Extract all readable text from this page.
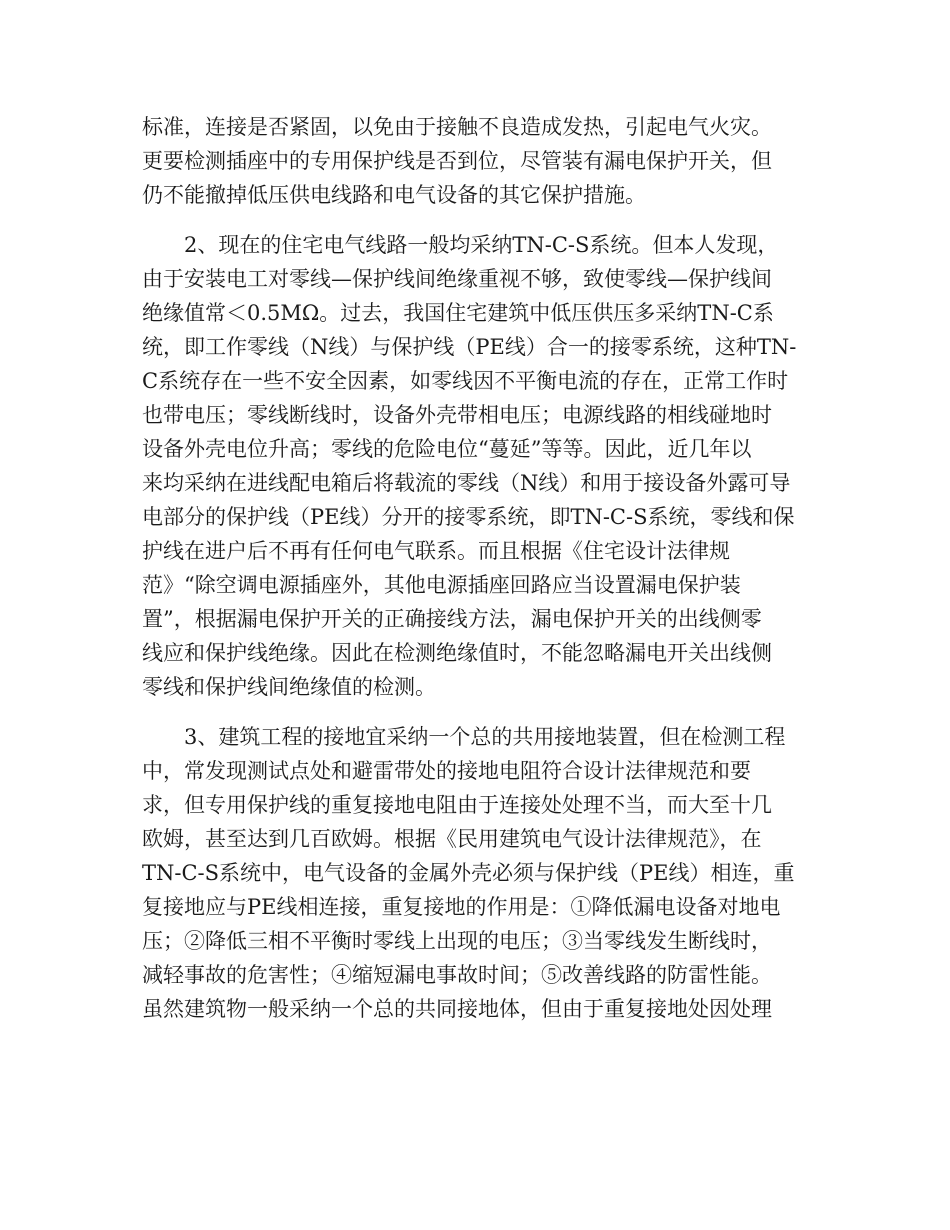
标准，连接是否紧固，以免由于接触不良造成发热，引起电气火灾。
更要检测插座中的专用保护线是否到位，尽管装有漏电保护开关，但
仍不能撤掉低压供电线路和电气设备的其它保护措施。
2、现在的住宅电气线路一般均采纳TN-C-S系统。但本人发现，
由于安装电工对零线—保护线间绝缘重视不够，致使零线—保护线间
绝缘值常＜0.5MΩ。过去，我国住宅建筑中低压供压多采纳TN-C系
统，即工作零线（N线）与保护线（PE线）合一的接零系统，这种TN-
C系统存在一些不安全因素，如零线因不平衡电流的存在，正常工作时
也带电压；零线断线时，设备外壳带相电压；电源线路的相线碰地时
设备外壳电位升高；零线的危险电位“蔓延”等等。因此，近几年以
来均采纳在进线配电箱后将载流的零线（N线）和用于接设备外露可导
电部分的保护线（PE线）分开的接零系统，即TN-C-S系统，零线和保
护线在进户后不再有任何电气联系。而且根据《住宅设计法律规
范》“除空调电源插座外，其他电源插座回路应当设置漏电保护装
置”，根据漏电保护开关的正确接线方法，漏电保护开关的出线侧零
线应和保护线绝缘。因此在检测绝缘值时，不能忽略漏电开关出线侧
零线和保护线间绝缘值的检测。
3、建筑工程的接地宜采纳一个总的共用接地装置，但在检测工程
中，常发现测试点处和避雷带处的接地电阻符合设计法律规范和要
求，但专用保护线的重复接地电阻由于连接处处理不当，而大至十几
欧姆，甚至达到几百欧姆。根据《民用建筑电气设计法律规范》，在
TN-C-S系统中，电气设备的金属外壳必须与保护线（PE线）相连，重
复接地应与PE线相连接，重复接地的作用是：①降低漏电设备对地电
压；②降低三相不平衡时零线上出现的电压；③当零线发生断线时，
减轻事故的危害性；④缩短漏电事故时间；⑤改善线路的防雷性能。
虽然建筑物一般采纳一个总的共同接地体，但由于重复接地处因处理
